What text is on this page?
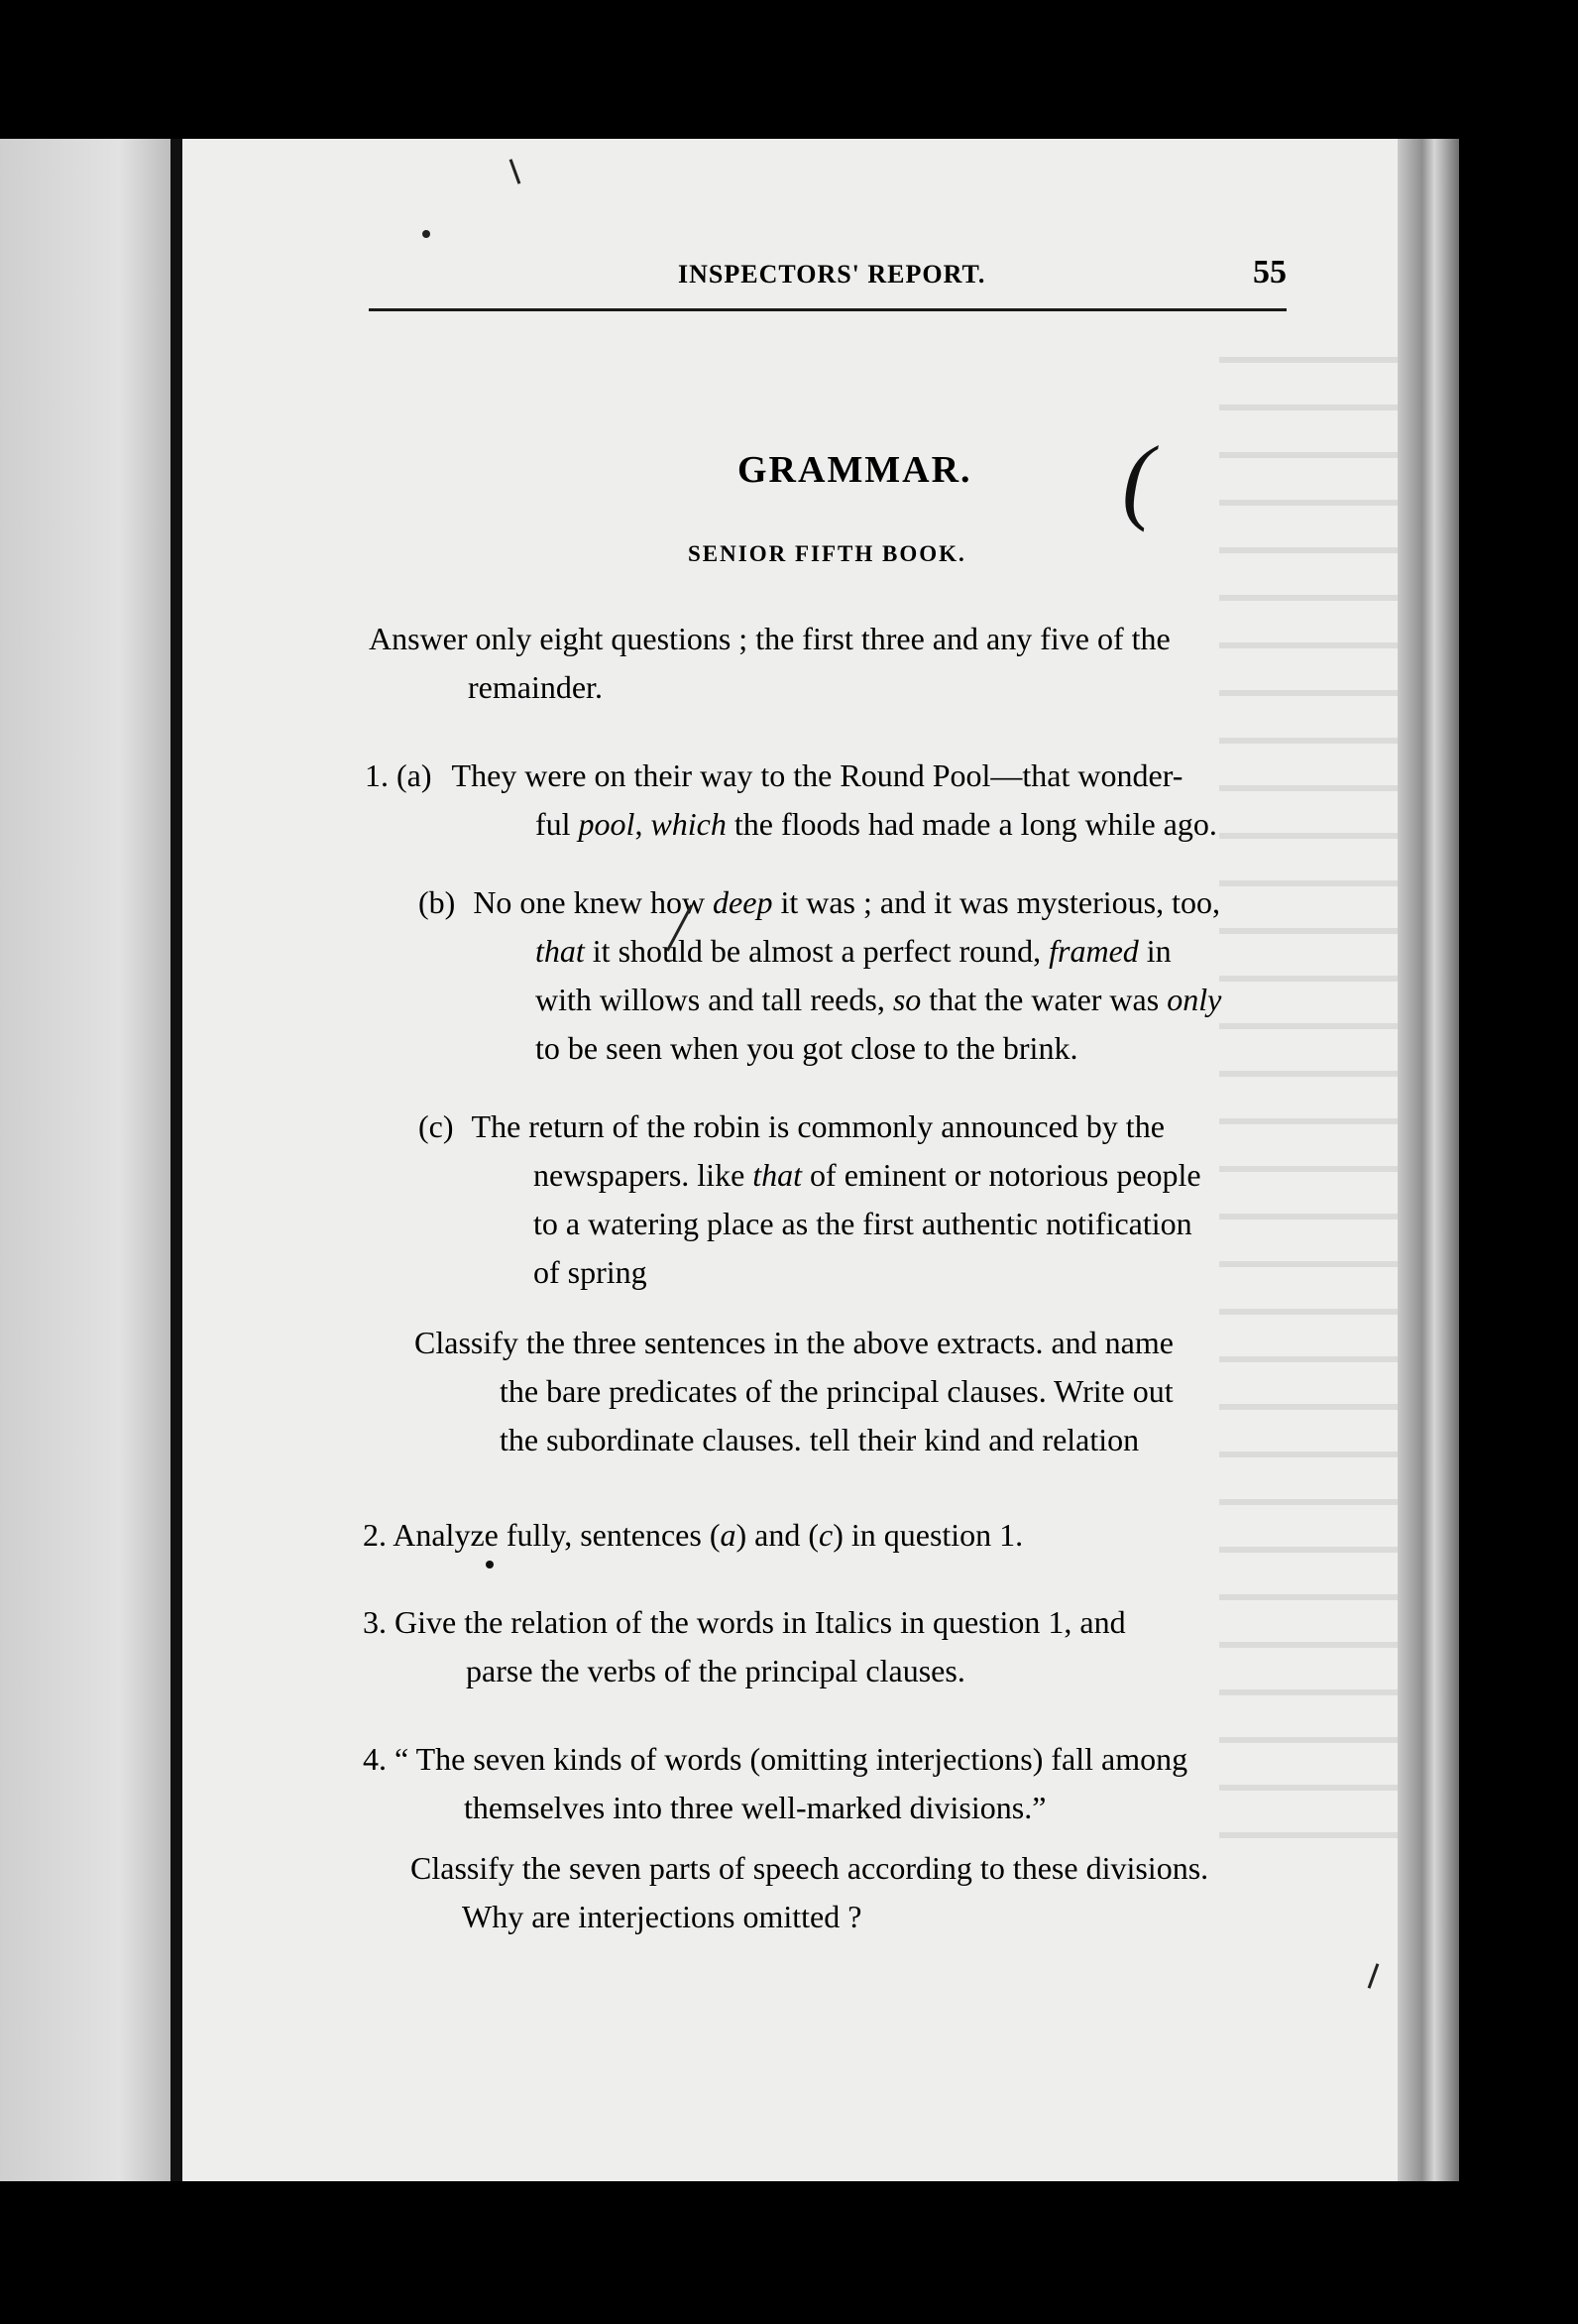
INSPECTORS' REPORT.	55
GRAMMAR. (
SENIOR FIFTH BOOK.
Answer only eight questions ; the first three and any five of the
remainder.
1. (a) They were on their way to the Round Pool—that wonder-
ful pool, which the floods had made a long while ago.
(b) No one knew how deep it was ; and it was mysterious, too,
that it should be almost a perfect round, framed in
with willows and tall reeds, so that the water was only
to be seen when you got close to the brink.
(c) The return of the robin is commonly announced by the
newspapers. like that of eminent or notorious people
to a watering place as the first authentic notification
of spring
Classify the three sentences in the above extracts. and name
the bare predicates of the principal clauses. Write out
the subordinate clauses. tell their kind and relation
2. Analyze fully, sentences (a) and (c) in question 1.
3. Give the relation of the words in Italics in question 1, and
parse the verbs of the principal clauses.
4. “ The seven kinds of words (omitting interjections) fall among
themselves into three well-marked divisions.”
Classify the seven parts of speech according to these divisions.
Why are interjections omitted ?
